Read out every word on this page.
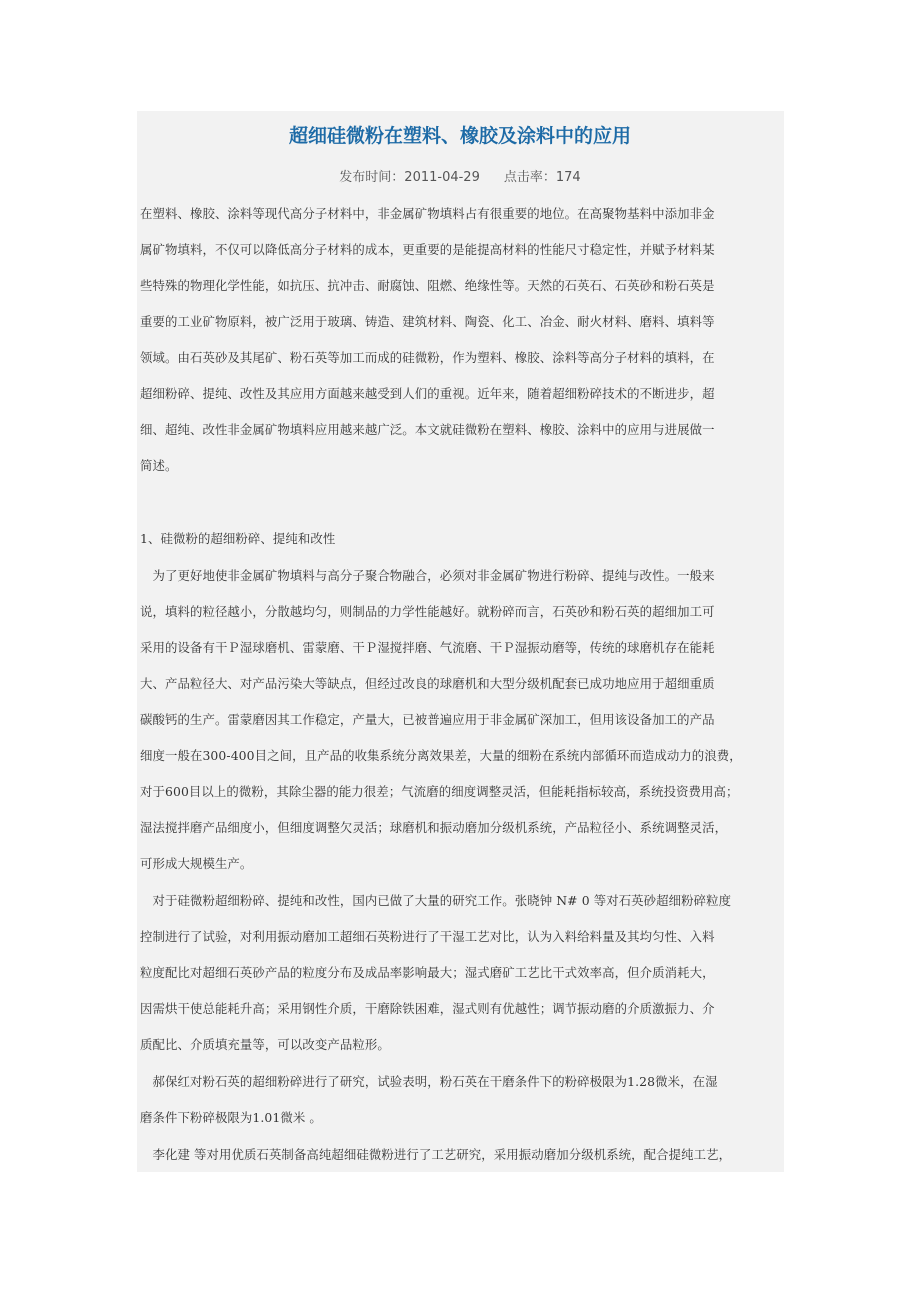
超细硅微粉在塑料、橡胶及涂料中的应用
发布时间：2011-04-29 点击率：174
在塑料、橡胶、涂料等现代高分子材料中，非金属矿物填料占有很重要的地位。在高聚物基料中添加非金
属矿物填料，不仅可以降低高分子材料的成本，更重要的是能提高材料的性能尺寸稳定性，并赋予材料某
些特殊的物理化学性能，如抗压、抗冲击、耐腐蚀、阻燃、绝缘性等。天然的石英石、石英砂和粉石英是
重要的工业矿物原料，被广泛用于玻璃、铸造、建筑材料、陶瓷、化工、冶金、耐火材料、磨料、填料等
领域。由石英砂及其尾矿、粉石英等加工而成的硅微粉，作为塑料、橡胶、涂料等高分子材料的填料，在
超细粉碎、提纯、改性及其应用方面越来越受到人们的重视。近年来，随着超细粉碎技术的不断进步，超
细、超纯、改性非金属矿物填料应用越来越广泛。本文就硅微粉在塑料、橡胶、涂料中的应用与进展做一
简述。
1、硅微粉的超细粉碎、提纯和改性
　为了更好地使非金属矿物填料与高分子聚合物融合，必须对非金属矿物进行粉碎、提纯与改性。一般来
说，填料的粒径越小，分散越均匀，则制品的力学性能越好。就粉碎而言，石英砂和粉石英的超细加工可
采用的设备有干Ｐ湿球磨机、雷蒙磨、干Ｐ湿搅拌磨、气流磨、干Ｐ湿振动磨等，传统的球磨机存在能耗
大、产品粒径大、对产品污染大等缺点，但经过改良的球磨机和大型分级机配套已成功地应用于超细重质
碳酸钙的生产。雷蒙磨因其工作稳定，产量大，已被普遍应用于非金属矿深加工，但用该设备加工的产品
细度一般在300-400目之间，且产品的收集系统分离效果差，大量的细粉在系统内部循环而造成动力的浪费，
对于600目以上的微粉，其除尘器的能力很差；气流磨的细度调整灵活，但能耗指标较高，系统投资费用高；
湿法搅拌磨产品细度小，但细度调整欠灵活；球磨机和振动磨加分级机系统，产品粒径小、系统调整灵活，
可形成大规模生产。
　对于硅微粉超细粉碎、提纯和改性，国内已做了大量的研究工作。张晓钟 N# 0 等对石英砂超细粉碎粒度
控制进行了试验，对利用振动磨加工超细石英粉进行了干湿工艺对比，认为入料给料量及其均匀性、入料
粒度配比对超细石英砂产品的粒度分布及成品率影响最大；湿式磨矿工艺比干式效率高，但介质消耗大，
因需烘干使总能耗升高；采用钢性介质，干磨除铁困难，湿式则有优越性；调节振动磨的介质激振力、介
质配比、介质填充量等，可以改变产品粒形。
　郝保红对粉石英的超细粉碎进行了研究，试验表明，粉石英在干磨条件下的粉碎极限为1.28微米，在湿
磨条件下粉碎极限为1.01微米 。
　李化建 等对用优质石英制备高纯超细硅微粉进行了工艺研究，采用振动磨加分级机系统，配合提纯工艺，
